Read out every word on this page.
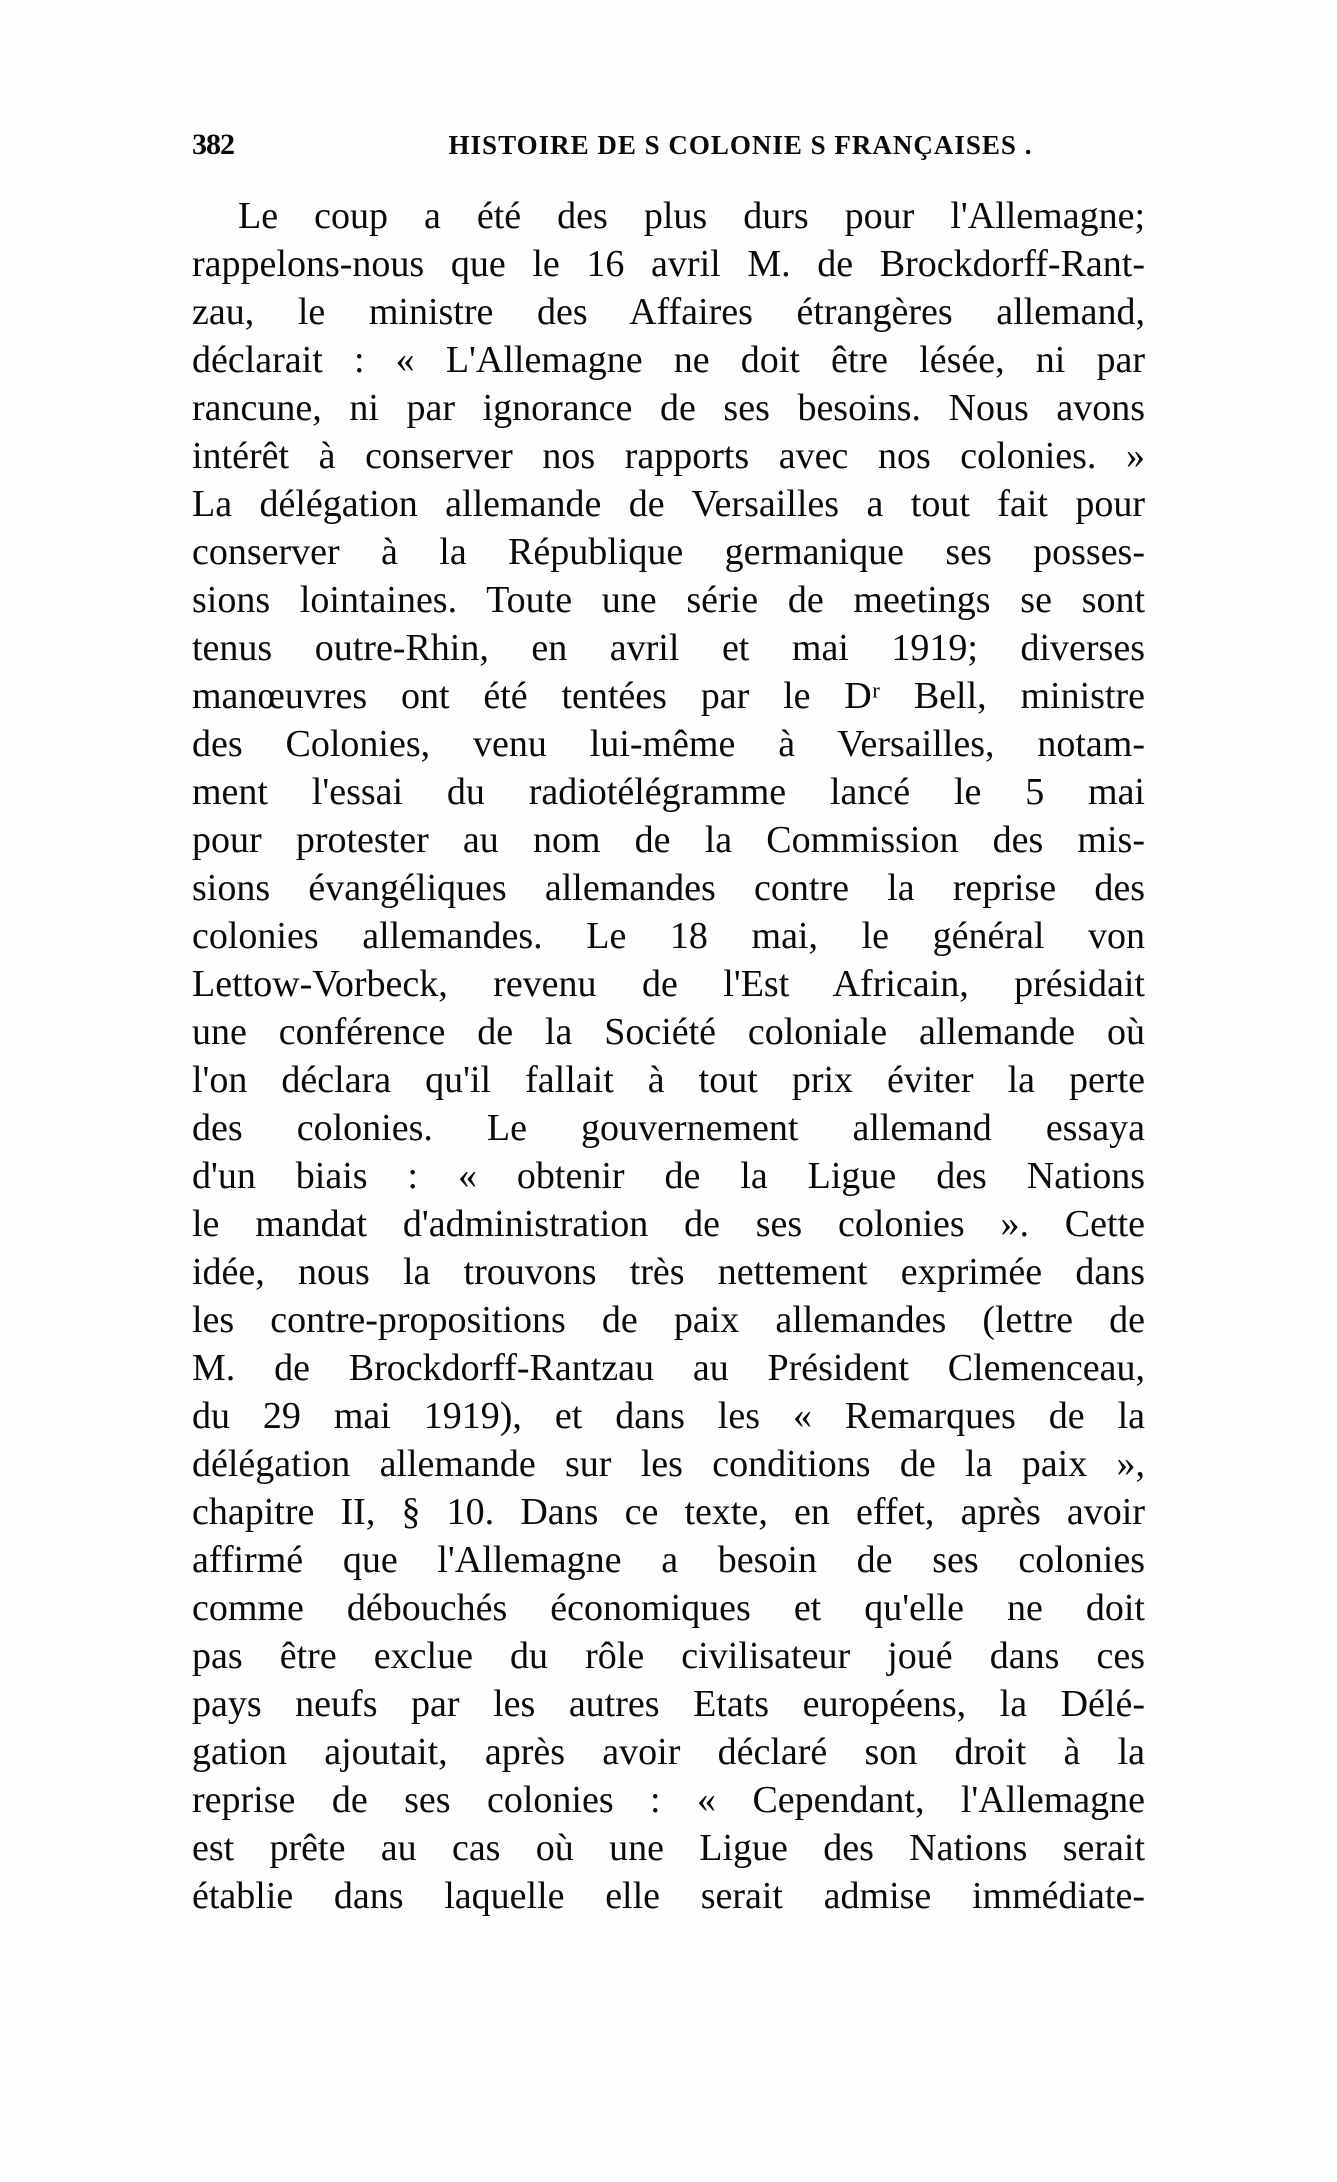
382	HISTOIRE DE S COLONIE S FRANÇAISES .
Le coup a été des plus durs pour l'Allemagne;
rappelons-nous que le 16 avril M. de Brockdorff-Rant-
zau, le ministre des Affaires étrangères allemand,
déclarait : « L'Allemagne ne doit être lésée, ni par
rancune, ni par ignorance de ses besoins. Nous avons
intérêt à conserver nos rapports avec nos colonies. »
La délégation allemande de Versailles a tout fait pour
conserver à la République germanique ses posses-
sions lointaines. Toute une série de meetings se sont
tenus outre-Rhin, en avril et mai 1919; diverses
manœuvres ont été tentées par le Dʳ Bell, ministre
des Colonies, venu lui-même à Versailles, notam-
ment l'essai du radiotélégramme lancé le 5 mai
pour protester au nom de la Commission des mis-
sions évangéliques allemandes contre la reprise des
colonies allemandes. Le 18 mai, le général von
Lettow-Vorbeck, revenu de l'Est Africain, présidait
une conférence de la Société coloniale allemande où
l'on déclara qu'il fallait à tout prix éviter la perte
des colonies. Le gouvernement allemand essaya
d'un biais : « obtenir de la Ligue des Nations
le mandat d'administration de ses colonies ». Cette
idée, nous la trouvons très nettement exprimée dans
les contre-propositions de paix allemandes (lettre de
M. de Brockdorff-Rantzau au Président Clemenceau,
du 29 mai 1919), et dans les « Remarques de la
délégation allemande sur les conditions de la paix »,
chapitre II, § 10. Dans ce texte, en effet, après avoir
affirmé que l'Allemagne a besoin de ses colonies
comme débouchés économiques et qu'elle ne doit
pas être exclue du rôle civilisateur joué dans ces
pays neufs par les autres Etats européens, la Délé-
gation ajoutait, après avoir déclaré son droit à la
reprise de ses colonies : « Cependant, l'Allemagne
est prête au cas où une Ligue des Nations serait
établie dans laquelle elle serait admise immédiate-
